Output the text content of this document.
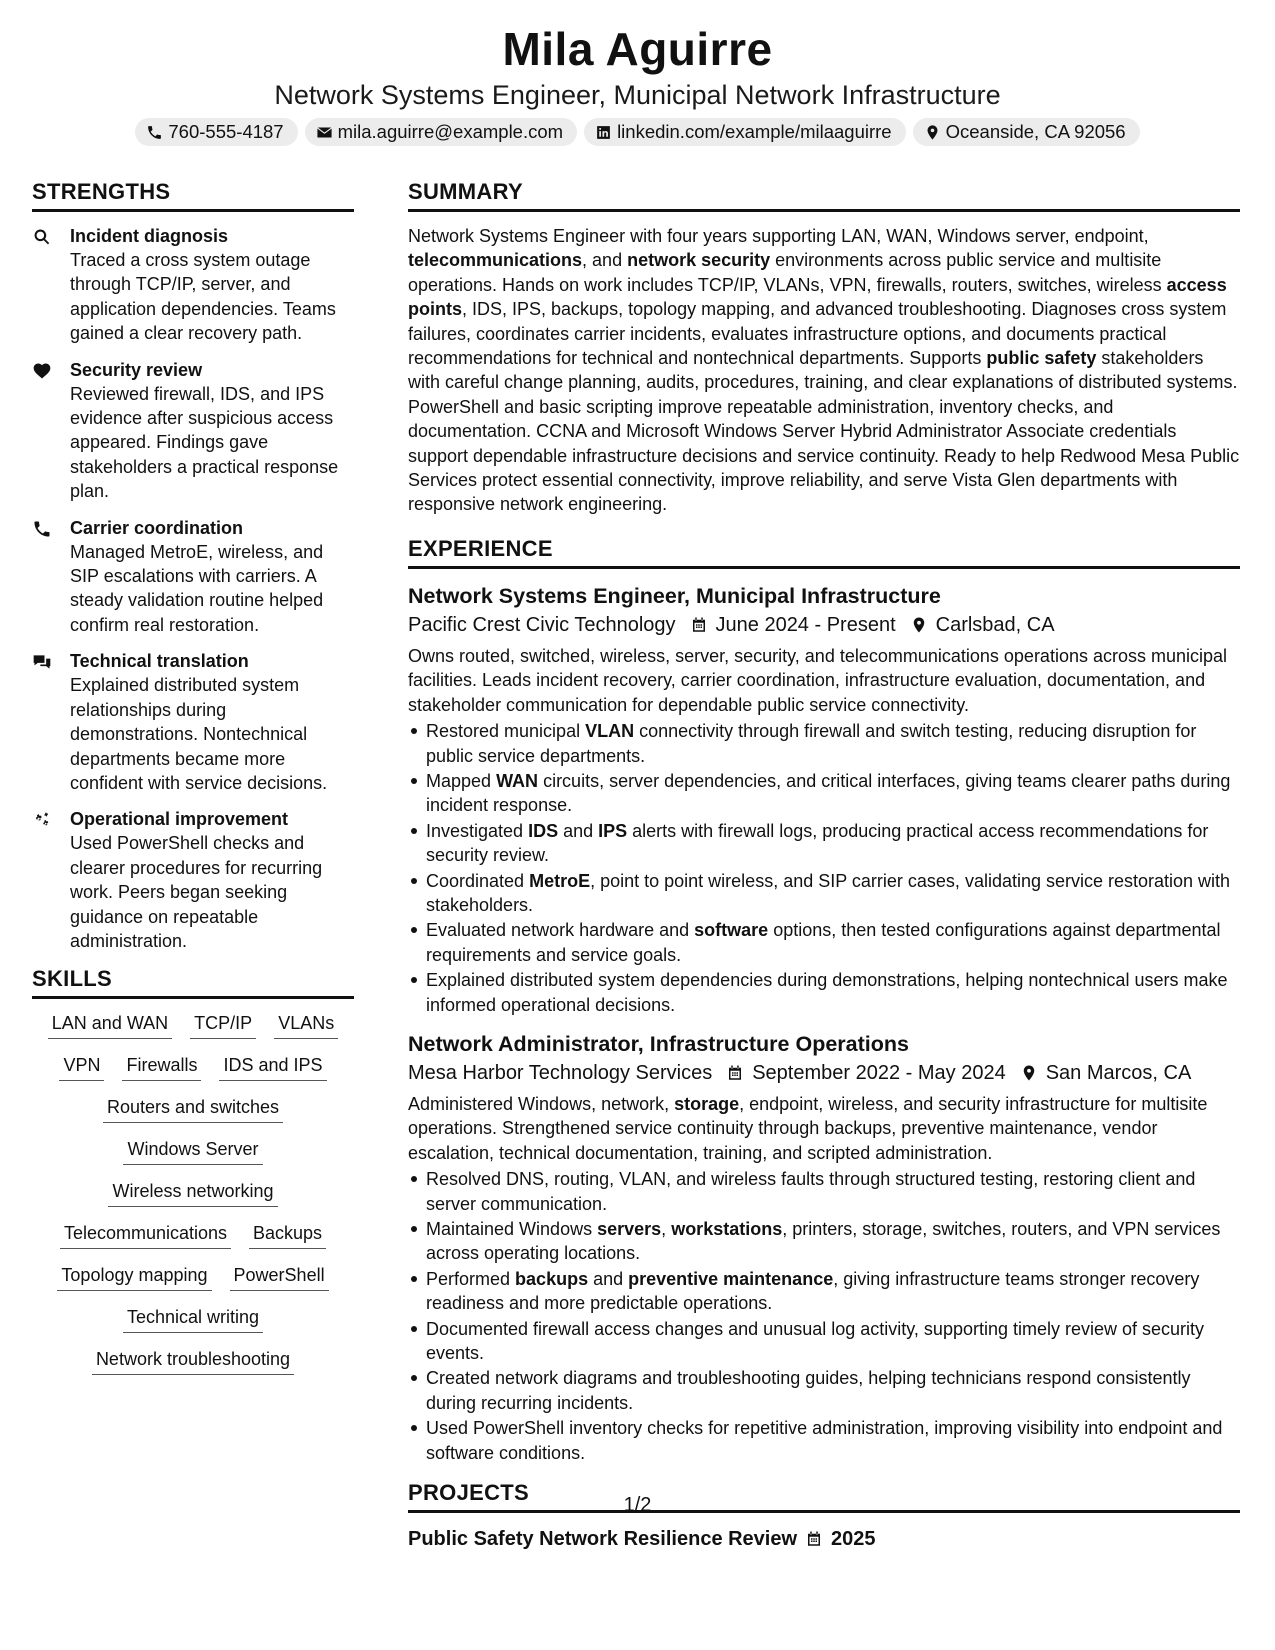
Mila Aguirre
Network Systems Engineer, Municipal Network Infrastructure
760-555-4187	mila.aguirre@example.com	linkedin.com/example/milaaguirre	Oceanside, CA 92056
STRENGTHS
Incident diagnosis
Traced a cross system outage through TCP/IP, server, and application dependencies. Teams gained a clear recovery path.
Security review
Reviewed firewall, IDS, and IPS evidence after suspicious access appeared. Findings gave stakeholders a practical response plan.
Carrier coordination
Managed MetroE, wireless, and SIP escalations with carriers. A steady validation routine helped confirm real restoration.
Technical translation
Explained distributed system relationships during demonstrations. Nontechnical departments became more confident with service decisions.
Operational improvement
Used PowerShell checks and clearer procedures for recurring work. Peers began seeking guidance on repeatable administration.
SKILLS
LAN and WAN TCP/IP VLANs
VPN Firewalls IDS and IPS
Routers and switches
Windows Server
Wireless networking
Telecommunications Backups
Topology mapping PowerShell
Technical writing
Network troubleshooting
SUMMARY
Network Systems Engineer with four years supporting LAN, WAN, Windows server, endpoint, telecommunications, and network security environments across public service and multisite operations. Hands on work includes TCP/IP, VLANs, VPN, firewalls, routers, switches, wireless access points, IDS, IPS, backups, topology mapping, and advanced troubleshooting. Diagnoses cross system failures, coordinates carrier incidents, evaluates infrastructure options, and documents practical recommendations for technical and nontechnical departments. Supports public safety stakeholders with careful change planning, audits, procedures, training, and clear explanations of distributed systems. PowerShell and basic scripting improve repeatable administration, inventory checks, and documentation. CCNA and Microsoft Windows Server Hybrid Administrator Associate credentials support dependable infrastructure decisions and service continuity. Ready to help Redwood Mesa Public Services protect essential connectivity, improve reliability, and serve Vista Glen departments with responsive network engineering.
EXPERIENCE
Network Systems Engineer, Municipal Infrastructure
Pacific Crest Civic Technology June 2024 - Present Carlsbad, CA
Owns routed, switched, wireless, server, security, and telecommunications operations across municipal facilities. Leads incident recovery, carrier coordination, infrastructure evaluation, documentation, and stakeholder communication for dependable public service connectivity.
Restored municipal VLAN connectivity through firewall and switch testing, reducing disruption for public service departments.
Mapped WAN circuits, server dependencies, and critical interfaces, giving teams clearer paths during incident response.
Investigated IDS and IPS alerts with firewall logs, producing practical access recommendations for security review.
Coordinated MetroE, point to point wireless, and SIP carrier cases, validating service restoration with stakeholders.
Evaluated network hardware and software options, then tested configurations against departmental requirements and service goals.
Explained distributed system dependencies during demonstrations, helping nontechnical users make informed operational decisions.
Network Administrator, Infrastructure Operations
Mesa Harbor Technology Services September 2022 - May 2024 San Marcos, CA
Administered Windows, network, storage, endpoint, wireless, and security infrastructure for multisite operations. Strengthened service continuity through backups, preventive maintenance, vendor escalation, technical documentation, training, and scripted administration.
Resolved DNS, routing, VLAN, and wireless faults through structured testing, restoring client and server communication.
Maintained Windows servers, workstations, printers, storage, switches, routers, and VPN services across operating locations.
Performed backups and preventive maintenance, giving infrastructure teams stronger recovery readiness and more predictable operations.
Documented firewall access changes and unusual log activity, supporting timely review of security events.
Created network diagrams and troubleshooting guides, helping technicians respond consistently during recurring incidents.
Used PowerShell inventory checks for repetitive administration, improving visibility into endpoint and software conditions.
PROJECTS
Public Safety Network Resilience Review 2025
1/2
